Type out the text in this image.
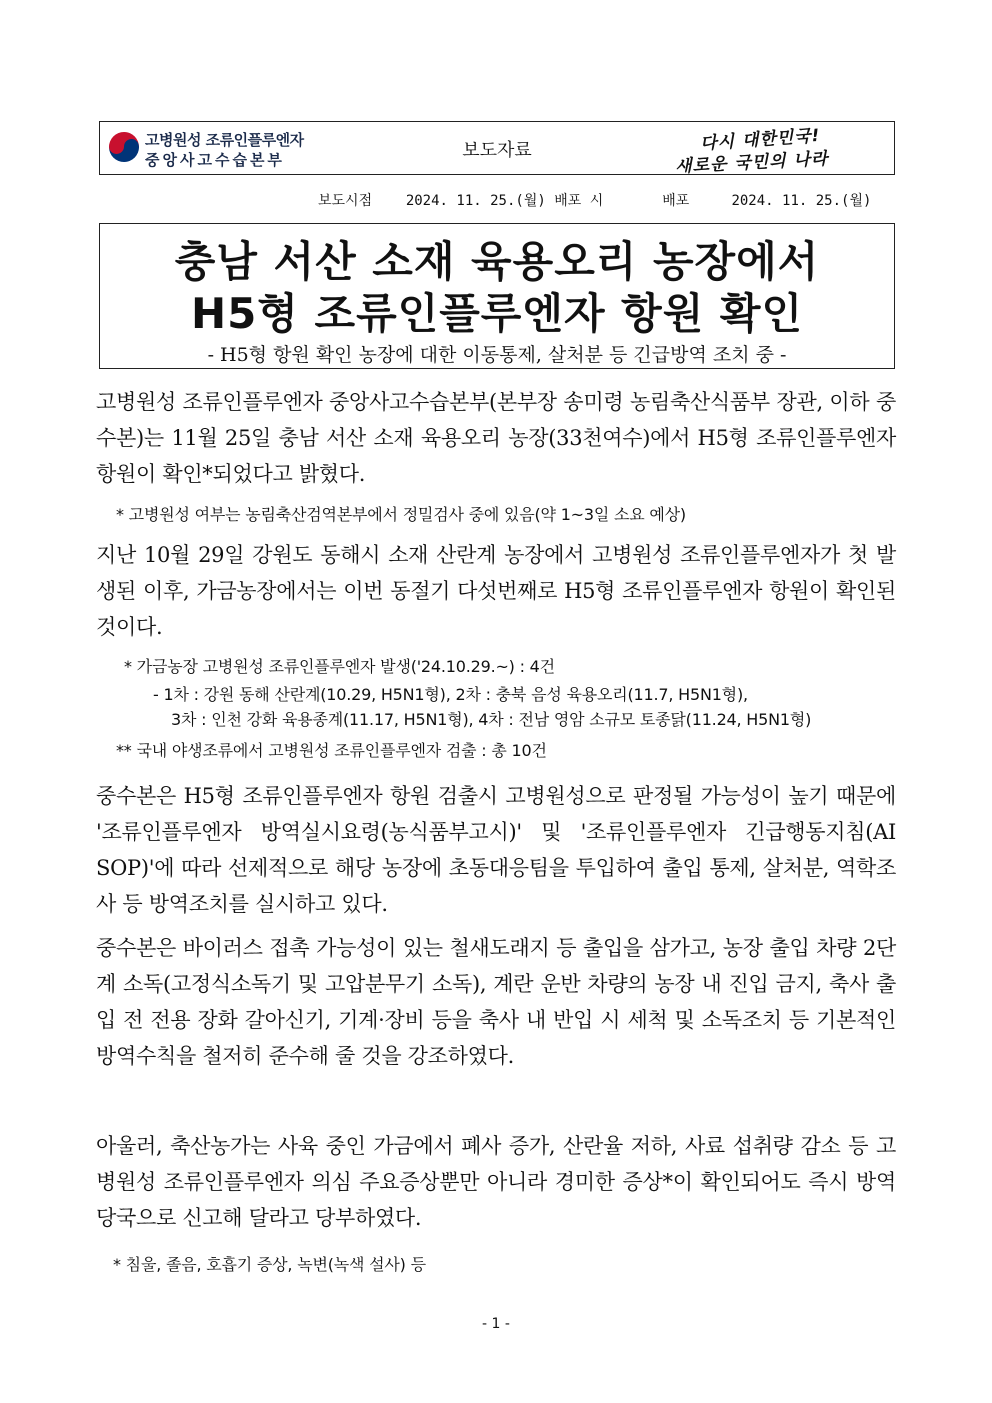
고병원성 조류인플루엔자
중앙사고수습본부	보도자료	다시 대한민국!
새로운 국민의 나라
보도시점 2024. 11. 25.(월) 배포 시	배포	2024. 11. 25.(월)
충남 서산 소재 육용오리 농장에서
H5형 조류인플루엔자 항원 확인
- H5형 항원 확인 농장에 대한 이동통제, 살처분 등 긴급방역 조치 중 -

고병원성 조류인플루엔자 중앙사고수습본부(본부장 송미령 농림축산식품부 장관, 이하 중수본)는 11월 25일 충남 서산 소재 육용오리 농장(33천여수)에서 H5형 조류인플루엔자 항원이 확인*되었다고 밝혔다.

* 고병원성 여부는 농림축산검역본부에서 정밀검사 중에 있음(약 1~3일 소요 예상)

지난 10월 29일 강원도 동해시 소재 산란계 농장에서 고병원성 조류인플루엔자가 첫 발생된 이후, 가금농장에서는 이번 동절기 다섯번째로 H5형 조류인플루엔자 항원이 확인된 것이다.

* 가금농장 고병원성 조류인플루엔자 발생('24.10.29.~) : 4건
- 1차 : 강원 동해 산란계(10.29, H5N1형), 2차 : 충북 음성 육용오리(11.7, H5N1형),
3차 : 인천 강화 육용종계(11.17, H5N1형), 4차 : 전남 영암 소규모 토종닭(11.24, H5N1형)
** 국내 야생조류에서 고병원성 조류인플루엔자 검출 : 총 10건

중수본은 H5형 조류인플루엔자 항원 검출시 고병원성으로 판정될 가능성이 높기 때문에 '조류인플루엔자 방역실시요령(농식품부고시)' 및 '조류인플루엔자 긴급행동지침(AI SOP)'에 따라 선제적으로 해당 농장에 초동대응팀을 투입하여 출입 통제, 살처분, 역학조사 등 방역조치를 실시하고 있다.

중수본은 바이러스 접촉 가능성이 있는 철새도래지 등 출입을 삼가고, 농장 출입 차량 2단계 소독(고정식소독기 및 고압분무기 소독), 계란 운반 차량의 농장 내 진입 금지, 축사 출입 전 전용 장화 갈아신기, 기계·장비 등을 축사 내 반입 시 세척 및 소독조치 등 기본적인 방역수칙을 철저히 준수해 줄 것을 강조하였다.

아울러, 축산농가는 사육 중인 가금에서 폐사 증가, 산란율 저하, 사료 섭취량 감소 등 고병원성 조류인플루엔자 의심 주요증상뿐만 아니라 경미한 증상*이 확인되어도 즉시 방역 당국으로 신고해 달라고 당부하였다.

* 침울, 졸음, 호흡기 증상, 녹변(녹색 설사) 등
- 1 -
